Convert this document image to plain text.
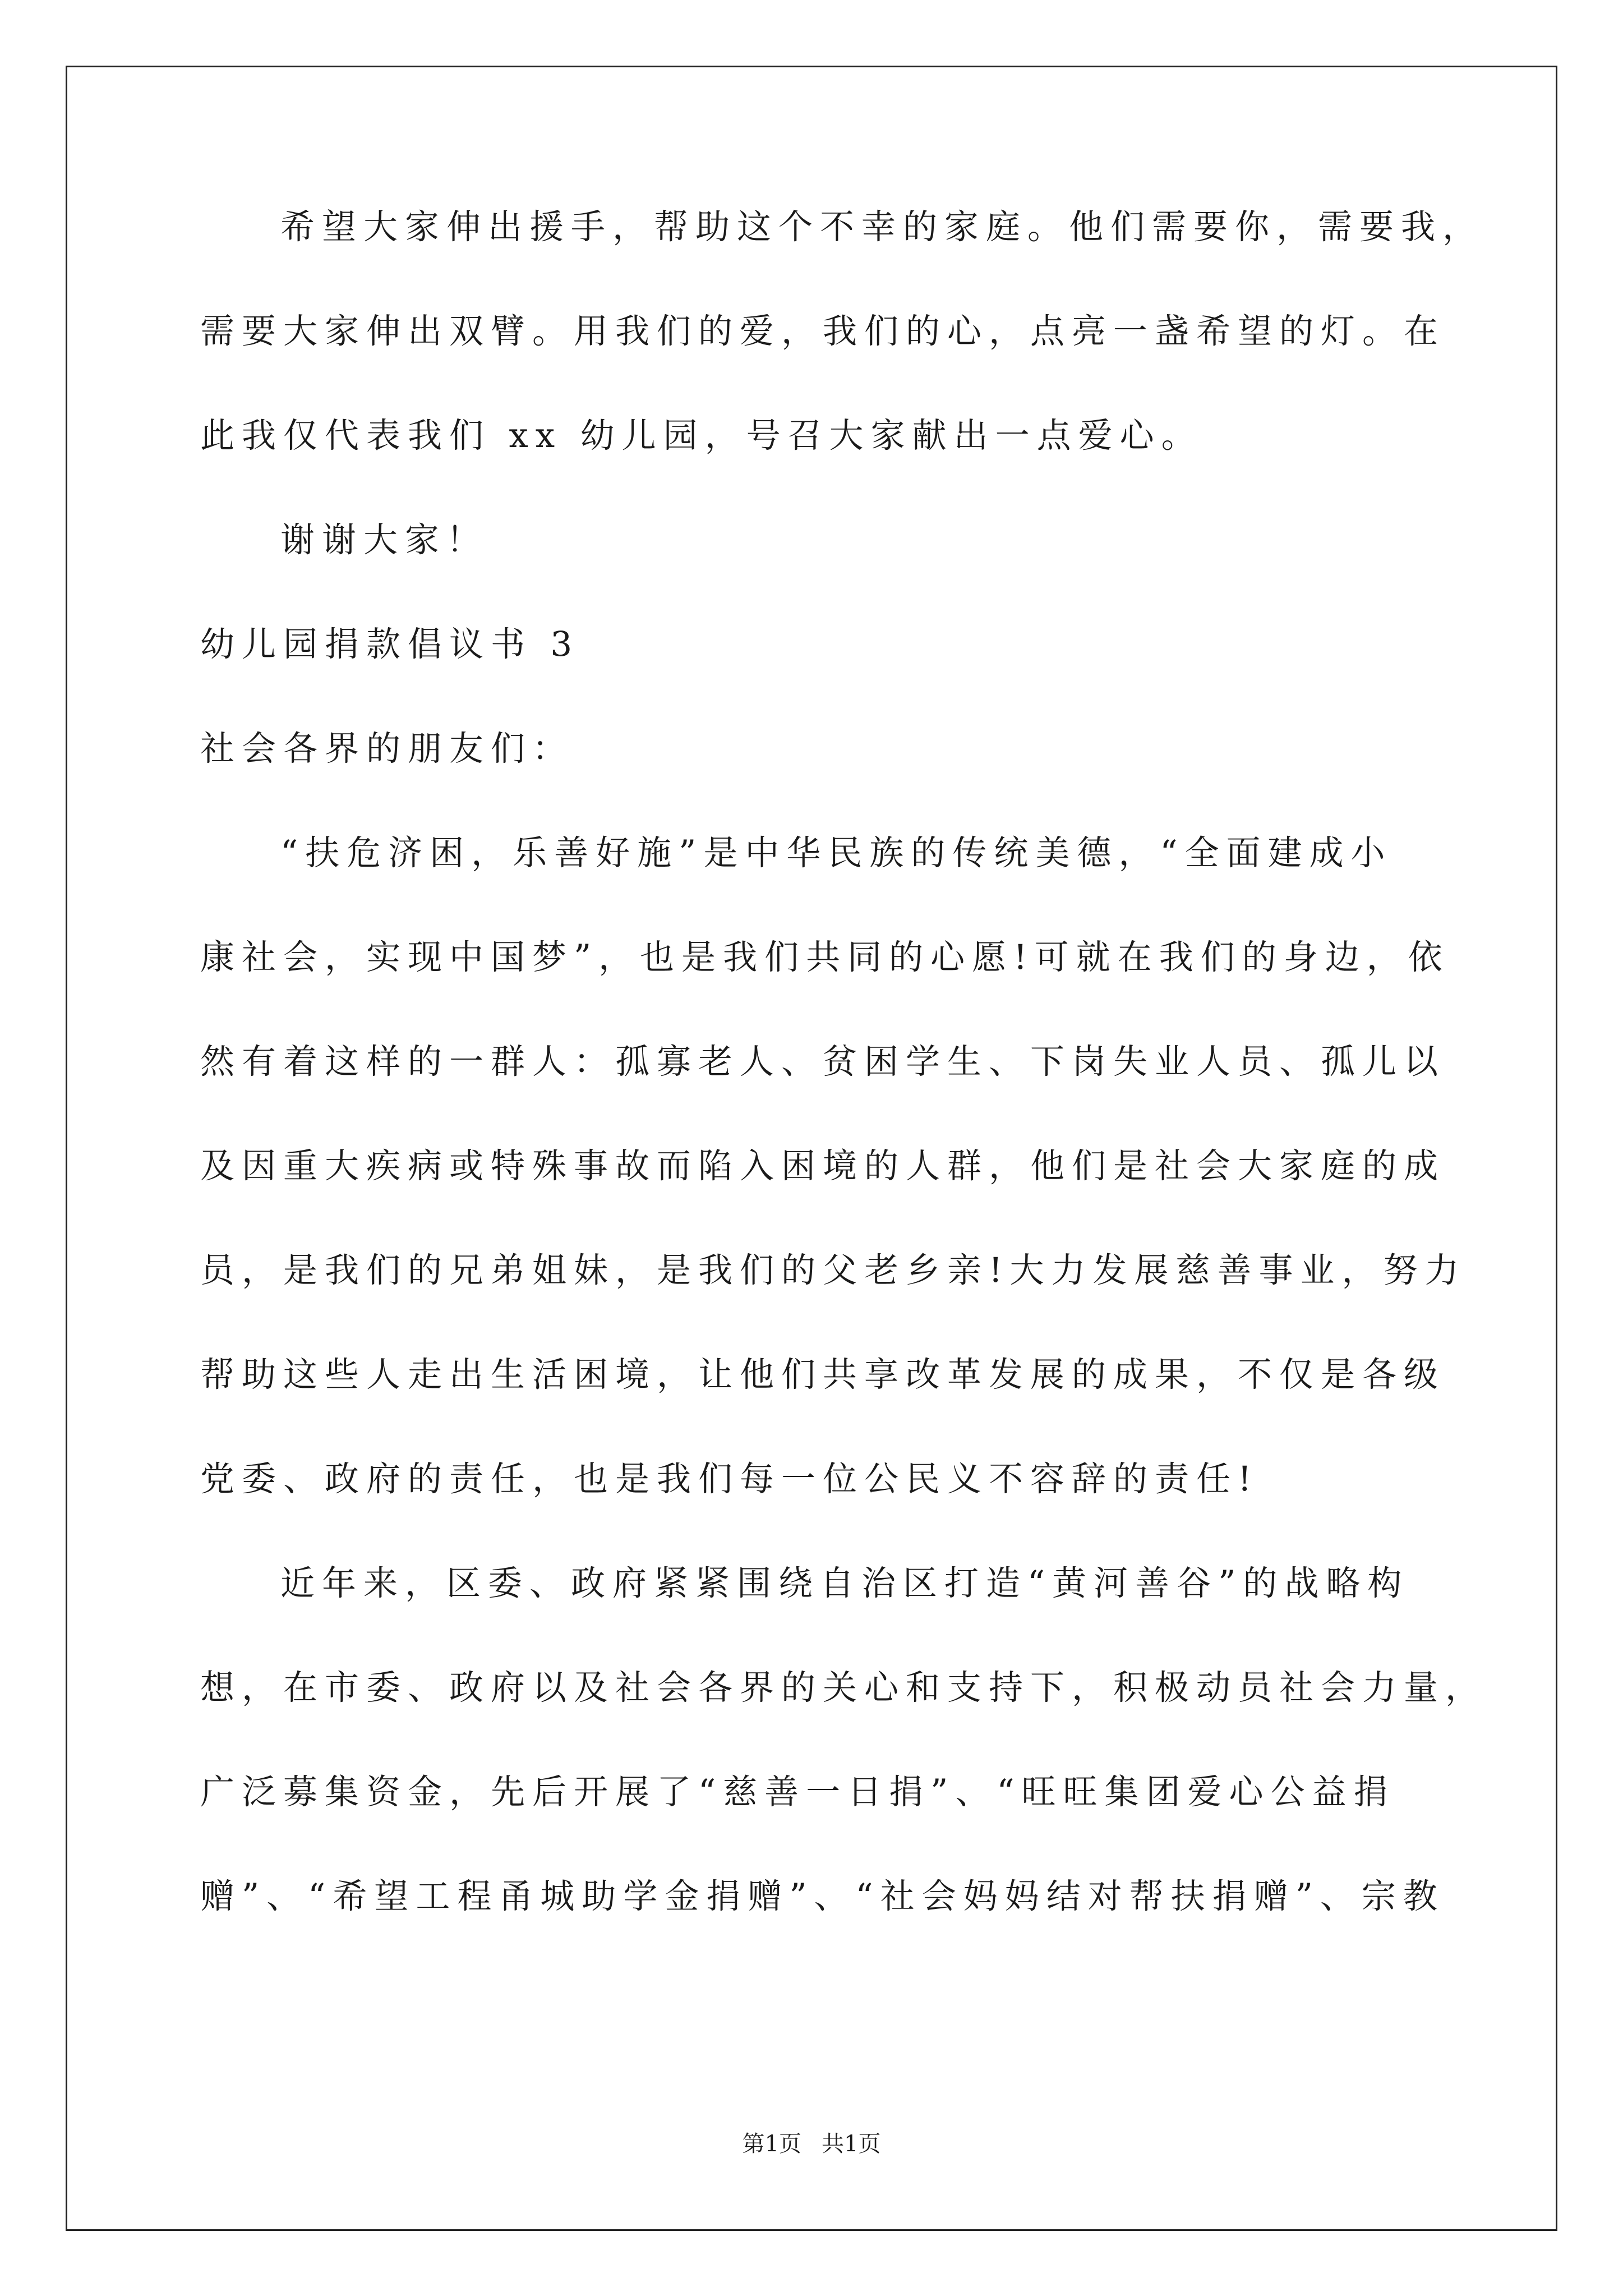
希望大家伸出援手，帮助这个不幸的家庭。他们需要你，需要我，
需要大家伸出双臂。用我们的爱，我们的心，点亮一盏希望的灯。在
此我仅代表我们 xx 幼儿园，号召大家献出一点爱心。
谢谢大家！
幼儿园捐款倡议书 3
社会各界的朋友们：
“扶危济困，乐善好施”是中华民族的传统美德，“全面建成小
康社会，实现中国梦”，也是我们共同的心愿!可就在我们的身边，依
然有着这样的一群人：孤寡老人、贫困学生、下岗失业人员、孤儿以
及因重大疾病或特殊事故而陷入困境的人群，他们是社会大家庭的成
员，是我们的兄弟姐妹，是我们的父老乡亲!大力发展慈善事业，努力
帮助这些人走出生活困境，让他们共享改革发展的成果，不仅是各级
党委、政府的责任，也是我们每一位公民义不容辞的责任!
近年来，区委、政府紧紧围绕自治区打造“黄河善谷”的战略构
想，在市委、政府以及社会各界的关心和支持下，积极动员社会力量，
广泛募集资金，先后开展了“慈善一日捐”、“旺旺集团爱心公益捐
赠”、“希望工程甬城助学金捐赠”、“社会妈妈结对帮扶捐赠”、宗教
第1页 共1页
